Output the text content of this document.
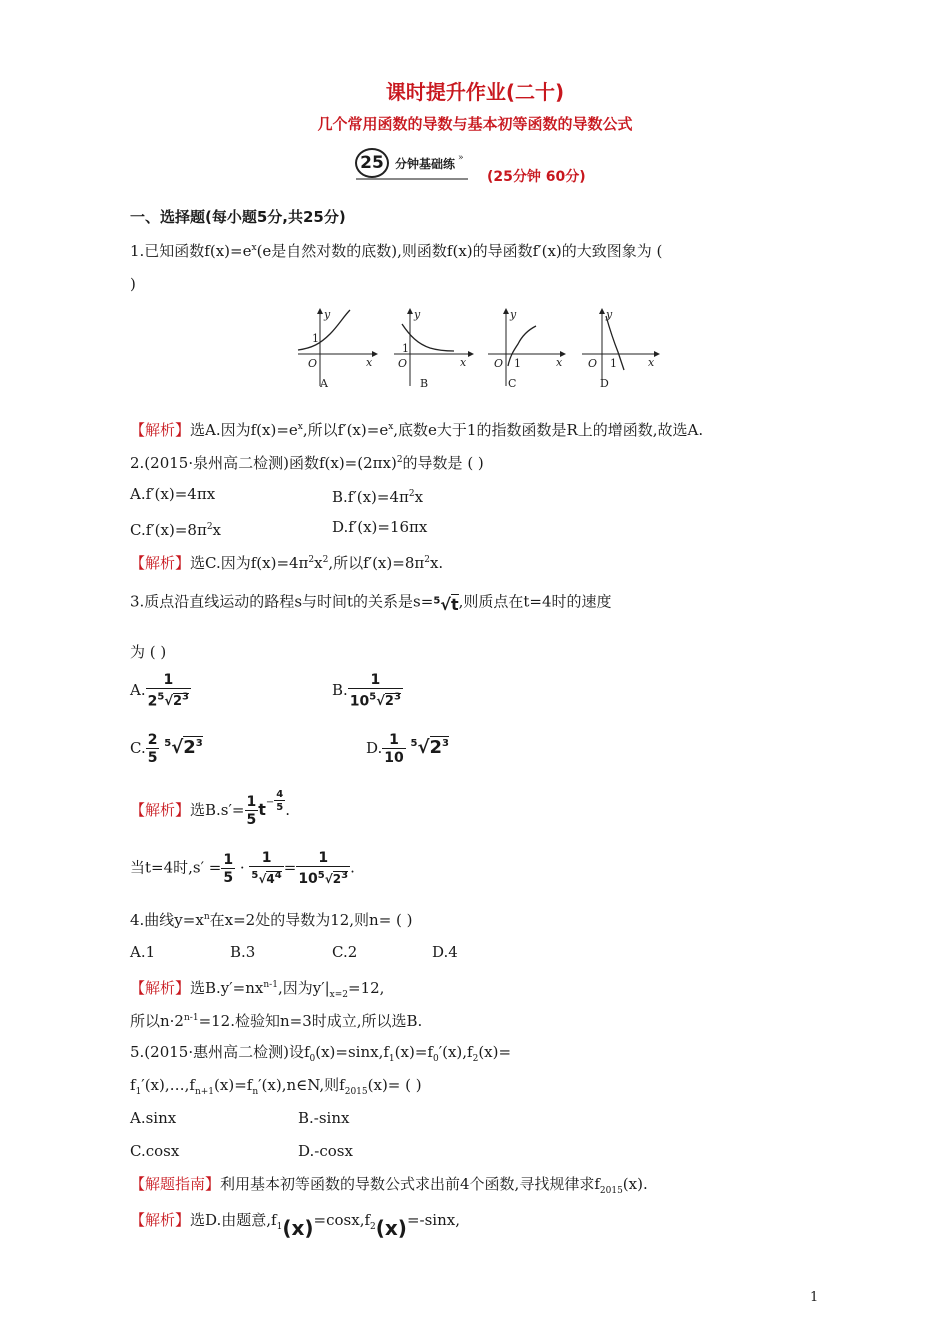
课时提升作业(二十)
几个常用函数的导数与基本初等函数的导数公式
25 分钟基础练 »
(25分钟 60分)
一、选择题(每小题5分,共25分)
1.已知函数$f(x)=e^x(e$是自然对数的底数),则函数f(x)的导函数f′(x)的大致图象为 (
)
y
x
O
1
A
y
x
O
1
B
y
x
O 1
C
y
x
O 1
D
【解析】选A.因为$f(x)=e^x$,所以$f'(x)=e^x$,底数e大于1的指数函数是R上的增函数,故选A.
2.(2015·泉州高二检测)函数$f(x)=(2\pi x)^2$的导数是 ( )
A.f′(x)=4πx	$B.f'(x)=4\pi^2x$
$C.f'(x)=8\pi^2x$	D.f′(x)=16πx
【解析】选C.因为$f(x)=4\pi^2x^2$,所以$f'(x)=8\pi^2x$.
3.质点沿直线运动的路程s与时间t的关系是s=$^5$√t,则质点在t=4时的速度
为 ( )
A. $\frac{1}{2^5√2^3}$	B. $\frac{1}{10^5√2^3}$
C. $\frac{2}{5} ^5√2^3$	D. $\frac{1}{10} ^5√2^3$
【解析】选$B.s'= \frac{1}{5} t^- \frac{4}{5}$ .
当t=4时$,s' = \frac{1}{5} \cdot \frac{1}{^5√4^4} = \frac{1}{10^5√2^3}$ .
4.曲线$y=x^n$在x=2处的导数为12,则n= ( )
A.1	B.3	C.2	D.4
【解析】选$B.y'=nx^{n-1}$,因为$y'|_{x=2}=12$,
所以$n\cdot 2^{n-1}=12$.检验知n=3时成立,所以选B.
5.(2015·惠州高二检测)设$f_0(x)=\sin x,f_1(x)=f_0'(x),f_2(x)=$
$f_1'(x),\dots,f_{n+1}(x)=f_n'(x),n\in N$,则$f_{2015}(x)=$ ( )
A.sinx	B.-sinx
C.cosx	D.-cosx
【解题指南】利用基本初等函数的导数公式求出前4个函数,寻找规律求$f_{2015}(x)$.
【解析】选D.由题意$,f_1(x)=\cos x,f_2(x)=$-sinx,
1
